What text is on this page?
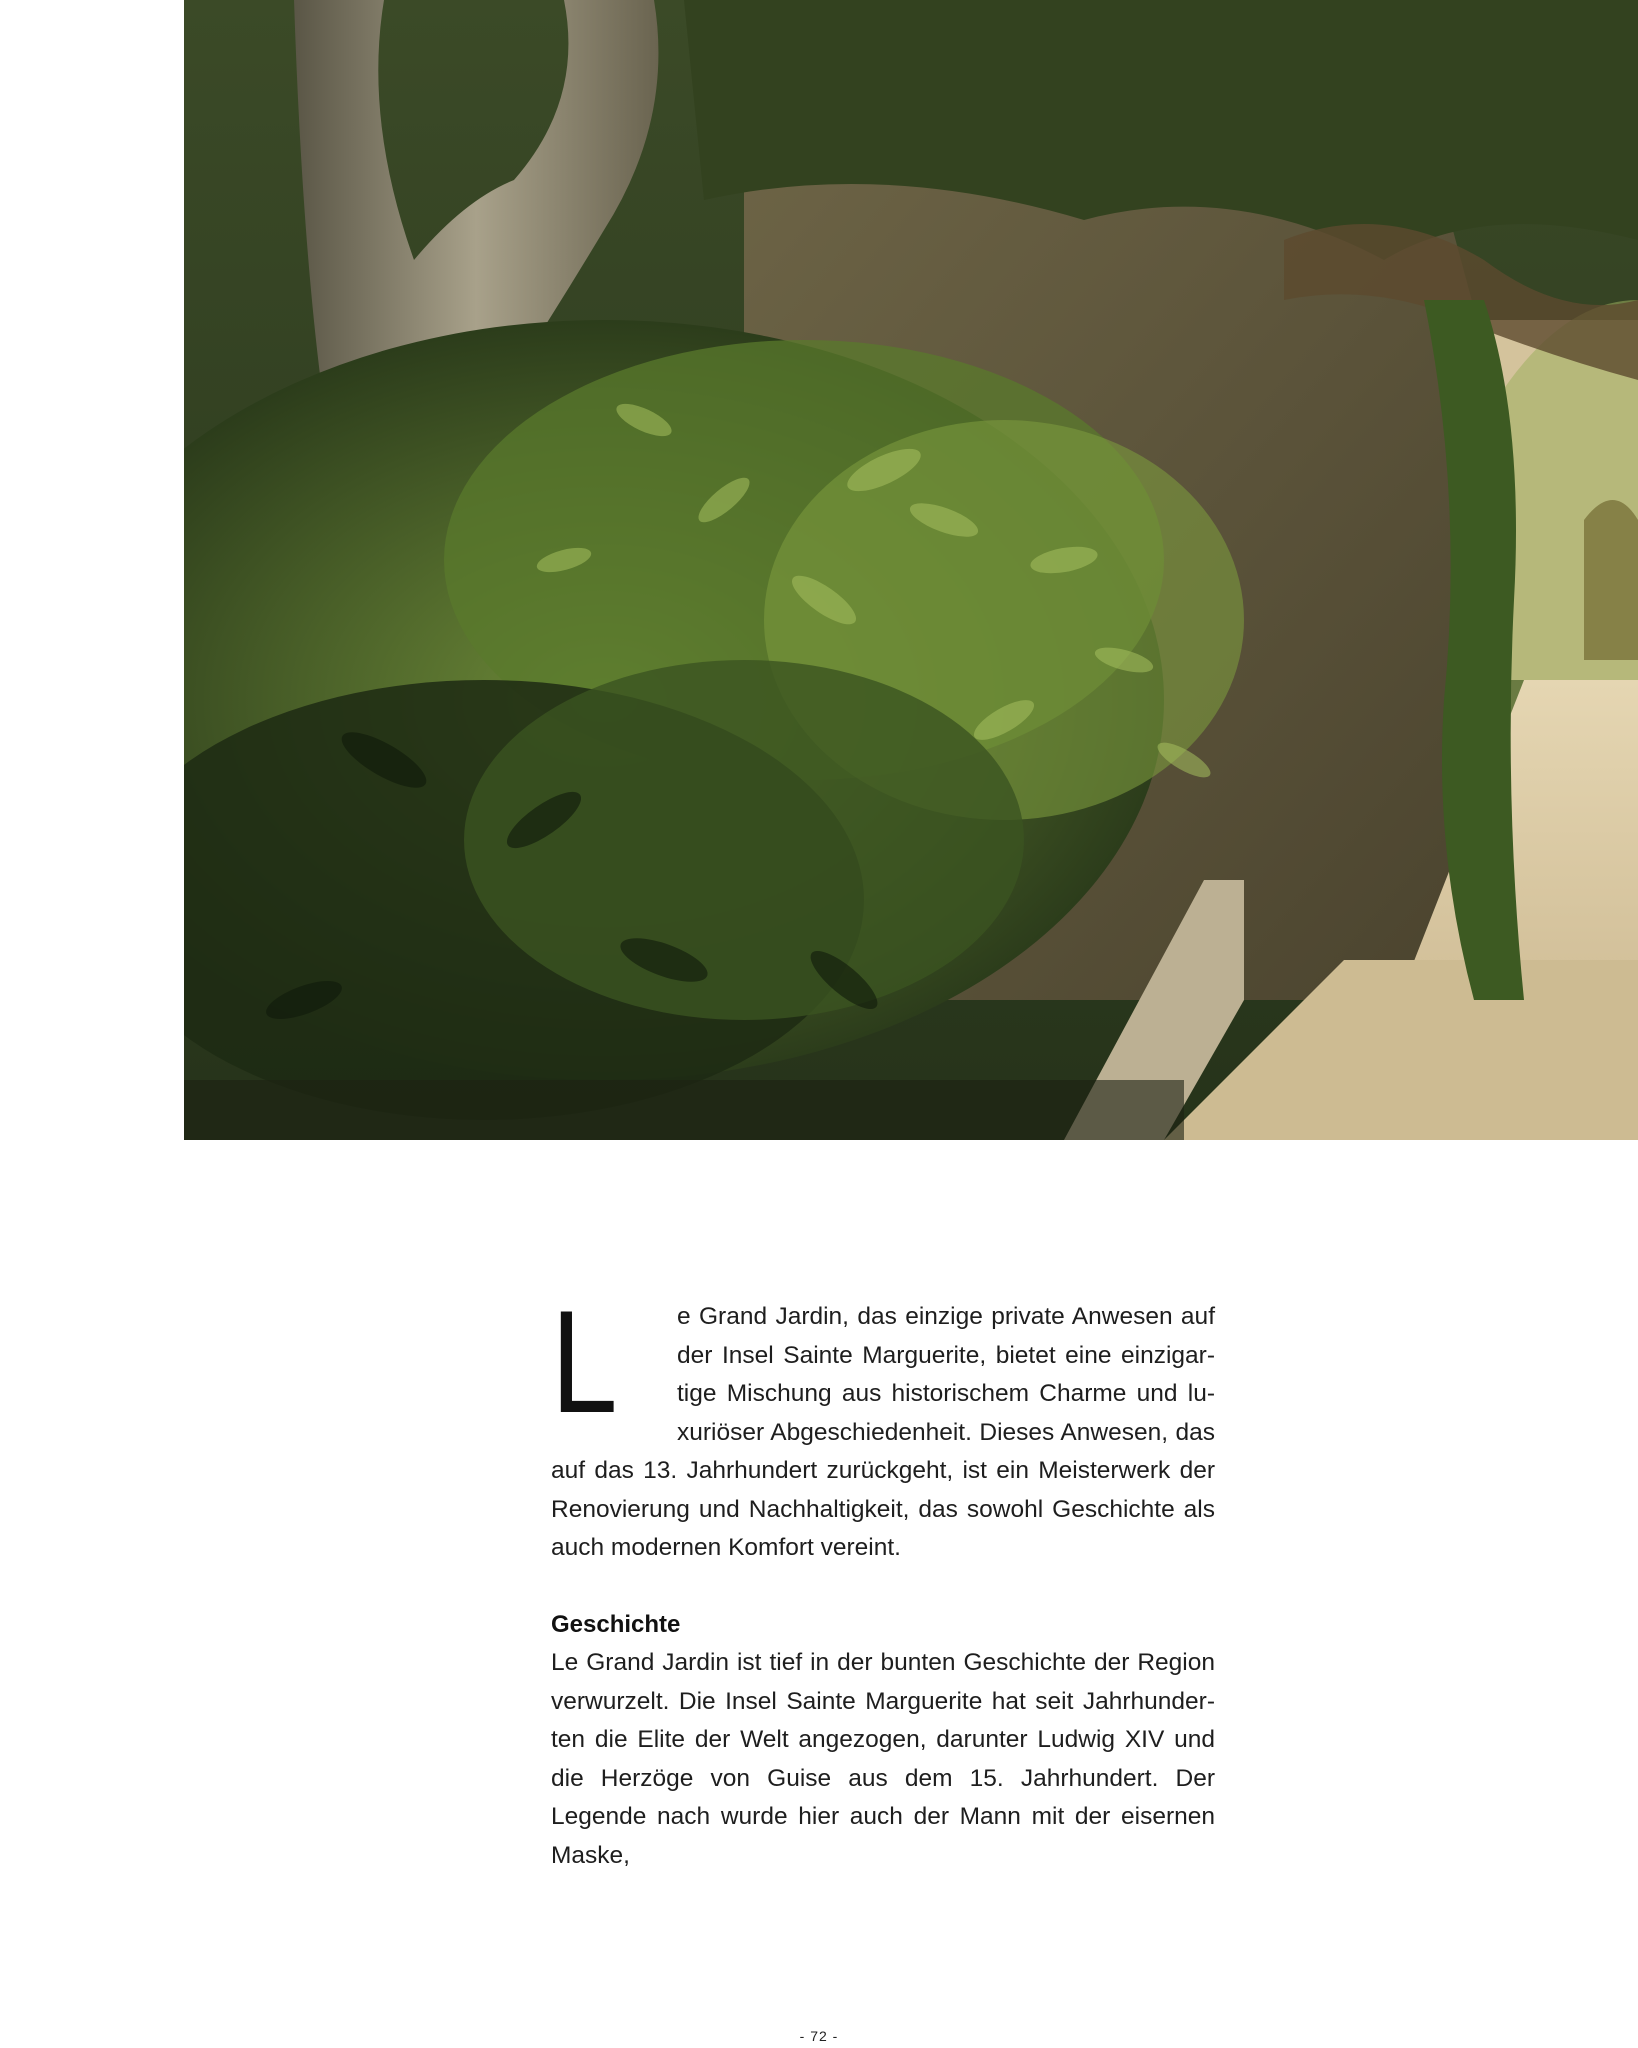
L	e Grand Jardin, das einzige private Anwesen auf der Insel Sainte Marguerite, bietet eine einzigartige Mischung aus historischem Charme und luxuriöser Abgeschiedenheit. Dieses Anwesen, das auf das 13. Jahrhundert zurückgeht, ist ein Meisterwerk der Renovierung und Nachhaltigkeit, das sowohl Geschichte als auch modernen Komfort vereint.

Geschichte

Le Grand Jardin ist tief in der bunten Geschichte der Region verwurzelt. Die Insel Sainte Marguerite hat seit Jahrhunderten die Elite der Welt angezogen, darunter Ludwig XIV und die Herzöge von Guise aus dem 15. Jahrhundert. Der Legende nach wurde hier auch der Mann mit der eisernen Maske,

- 72 -
